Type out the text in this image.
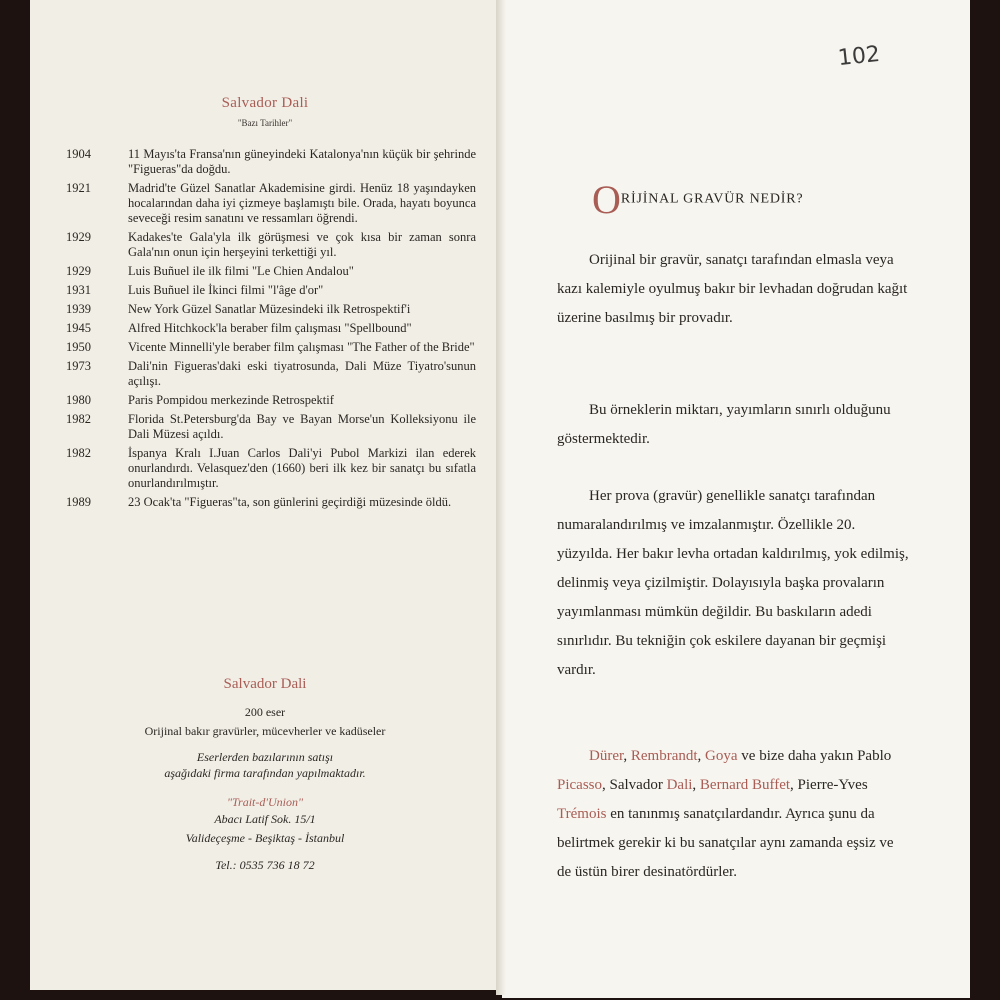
Salvador Dali
"Bazı Tarihler"
1904	11 Mayıs'ta Fransa'nın güneyindeki Katalonya'nın küçük bir şehrinde "Figueras"da doğdu.
1921	Madrid'te Güzel Sanatlar Akademisine girdi. Henüz 18 yaşındayken hocalarından daha iyi çizmeye başlamıştı bile. Orada, hayatı boyunca seveceği resim sanatını ve ressamları öğrendi.
1929	Kadakes'te Gala'yla ilk görüşmesi ve çok kısa bir zaman sonra Gala'nın onun için herşeyini terkettiği yıl.
1929	Luis Buñuel ile ilk filmi "Le Chien Andalou"
1931	Luis Buñuel ile İkinci filmi "l'âge d'or"
1939	New York Güzel Sanatlar Müzesindeki ilk Retrospektif'i
1945	Alfred Hitchkock'la beraber film çalışması "Spellbound"
1950	Vicente Minnelli'yle beraber film çalışması "The Father of the Bride"
1973	Dali'nin Figueras'daki eski tiyatrosunda, Dali Müze Tiyatro'sunun açılışı.
1980	Paris Pompidou merkezinde Retrospektif
1982	Florida St.Petersburg'da Bay ve Bayan Morse'un Kolleksiyonu ile Dali Müzesi açıldı.
1982	İspanya Kralı I.Juan Carlos Dali'yi Pubol Markizi ilan ederek onurlandırdı. Velasquez'den (1660) beri ilk kez bir sanatçı bu sıfatla onurlandırılmıştır.
1989	23 Ocak'ta "Figueras"ta, son günlerini geçirdiği müzesinde öldü.
Salvador Dali
200 eser
Orijinal bakır gravürler, mücevherler ve kadüseler
Eserlerden bazılarının satışı
aşağıdaki firma tarafından yapılmaktadır.
"Trait-d'Union"
Abacı Latif Sok. 15/1
Valideçeşme - Beşiktaş - İstanbul
Tel.: 0535 736 18 72
102
ORİJİNAL GRAVÜR NEDİR?
Orijinal bir gravür, sanatçı tarafından elmasla veya kazı kalemiyle oyulmuş bakır bir levhadan doğrudan kağıt üzerine basılmış bir provadır.
Bu örneklerin miktarı, yayımların sınırlı olduğunu göstermektedir.
Her prova (gravür) genellikle sanatçı tarafından numaralandırılmış ve imzalanmıştır. Özellikle 20. yüzyılda. Her bakır levha ortadan kaldırılmış, yok edilmiş, delinmiş veya çizilmiştir. Dolayısıyla başka provaların yayımlanması mümkün değildir. Bu baskıların adedi sınırlıdır. Bu tekniğin çok eskilere dayanan bir geçmişi vardır.
Dürer, Rembrandt, Goya ve bize daha yakın Pablo Picasso, Salvador Dali, Bernard Buffet, Pierre-Yves Trémois en tanınmış sanatçılardandır. Ayrıca şunu da belirtmek gerekir ki bu sanatçılar aynı zamanda eşsiz ve de üstün birer desinatördürler.
